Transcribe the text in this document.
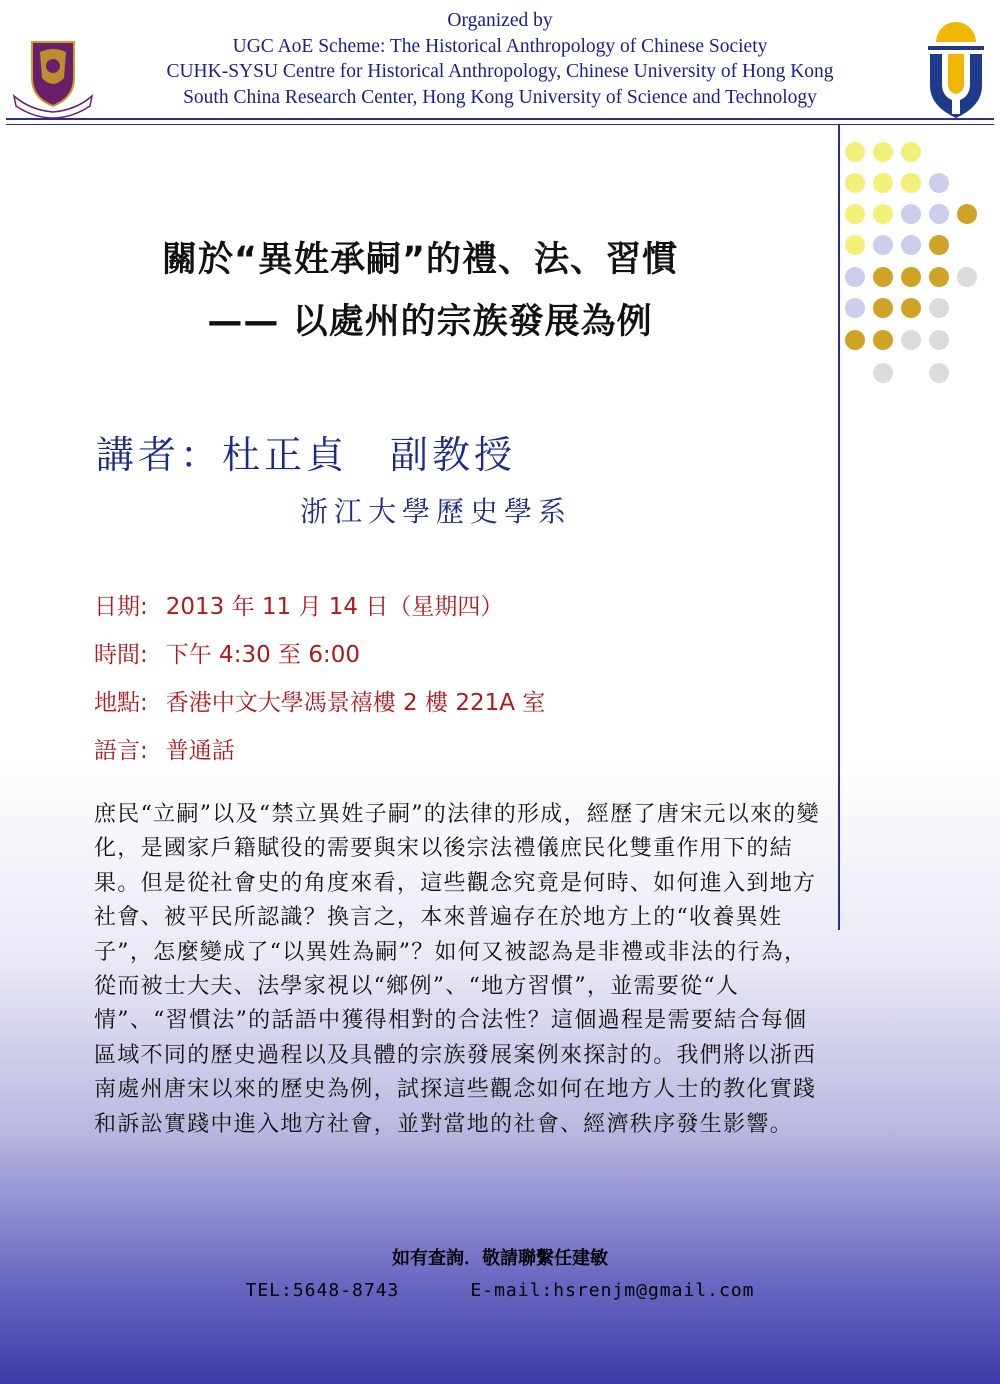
Organized by
UGC AoE Scheme: The Historical Anthropology of Chinese Society
CUHK-SYSU Centre for Historical Anthropology, Chinese University of Hong Kong
South China Research Center, Hong Kong University of Science and Technology
關於“異姓承嗣”的禮、法、習慣
—— 以處州的宗族發展為例
講者：杜正貞　副教授
浙江大學歷史學系
日期: 2013 年 11 月 14 日（星期四）
時間: 下午 4:30 至 6:00
地點: 香港中文大學馮景禧樓 2 樓 221A 室
語言: 普通話
庶民“立嗣”以及“禁立異姓子嗣”的法律的形成，經歷了唐宋元以來的變化，是國家戶籍賦役的需要與宋以後宗法禮儀庶民化雙重作用下的結果。但是從社會史的角度來看，這些觀念究竟是何時、如何進入到地方社會、被平民所認識？換言之，本來普遍存在於地方上的“收養異姓子”，怎麼變成了“以異姓為嗣”？如何又被認為是非禮或非法的行為，從而被士大夫、法學家視以“鄉例”、“地方習慣”，並需要從“人情”、“習慣法”的話語中獲得相對的合法性？這個過程是需要結合每個區域不同的歷史過程以及具體的宗族發展案例來探討的。我們將以浙西南處州唐宋以來的歷史為例，試探這些觀念如何在地方人士的教化實踐和訴訟實踐中進入地方社會，並對當地的社會、經濟秩序發生影響。
如有查詢．敬請聯繫任建敏
TEL:5648-8743      E-mail:hsrenjm@gmail.com
